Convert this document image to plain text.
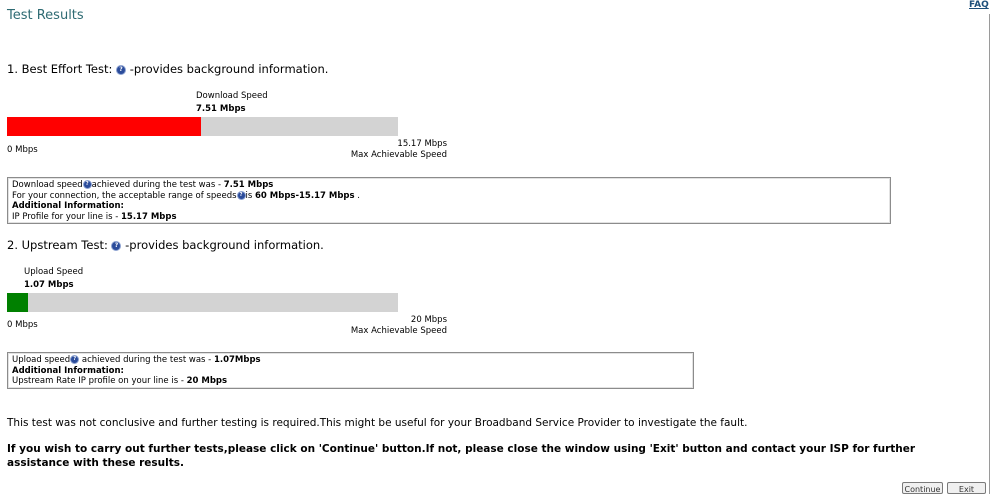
Test Results
FAQ
1. Best Effort Test: ? -provides background information.
Download Speed
7.51 Mbps
0 Mbps
15.17 Mbps
Max Achievable Speed
Download speed ? achieved during the test was - 7.51 Mbps
For your connection, the acceptable range of speeds ? is 60 Mbps-15.17 Mbps .
Additional Information:
IP Profile for your line is - 15.17 Mbps
2. Upstream Test: ? -provides background information.
Upload Speed
1.07 Mbps
0 Mbps	20 Mbps
Max Achievable Speed
Upload speed ? achieved during the test was - 1.07Mbps
Additional Information:
Upstream Rate IP profile on your line is - 20 Mbps
This test was not conclusive and further testing is required.This might be useful for your Broadband Service Provider to investigate the fault.
If you wish to carry out further tests,please click on 'Continue' button.If not, please close the window using 'Exit' button and contact your ISP for further assistance with these results.
Continue	Exit
